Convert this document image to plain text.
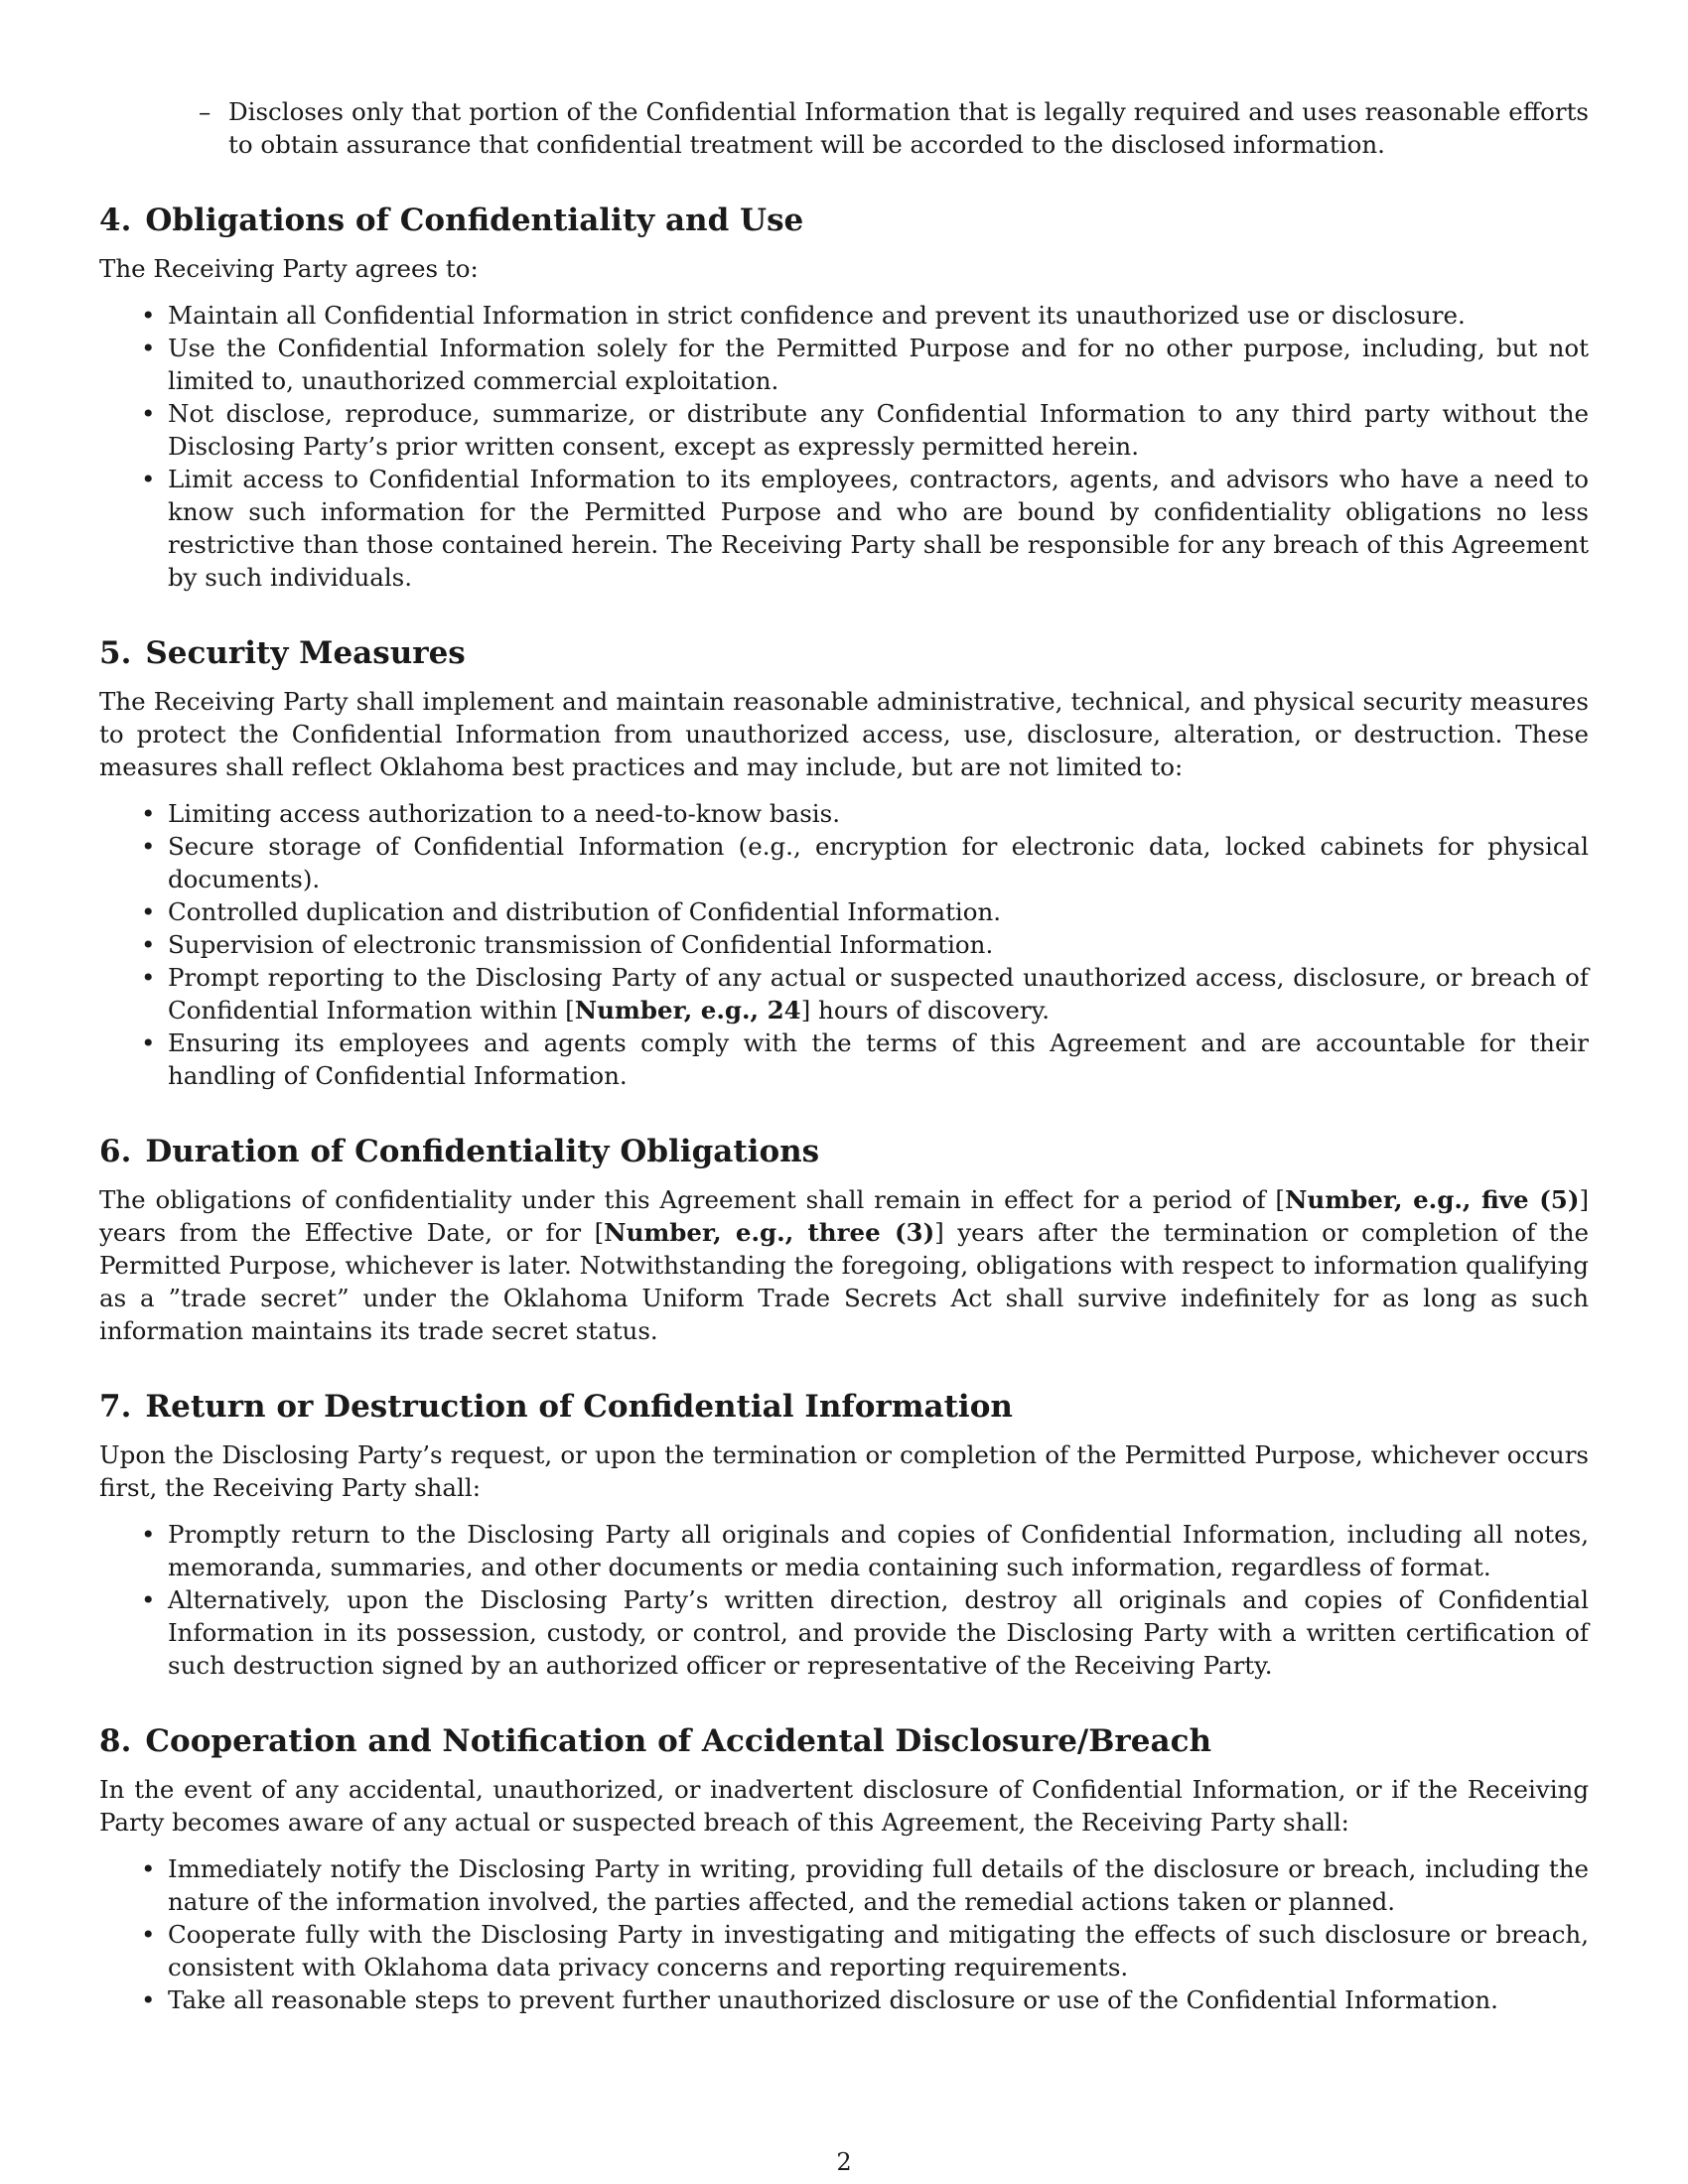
– Discloses only that portion of the Confidential Information that is legally required and uses reasonable efforts to obtain assurance that confidential treatment will be accorded to the disclosed information.
4. Obligations of Confidentiality and Use

The Receiving Party agrees to:

• Maintain all Confidential Information in strict confidence and prevent its unauthorized use or disclosure.
• Use the Confidential Information solely for the Permitted Purpose and for no other purpose, including, but not limited to, unauthorized commercial exploitation.
• Not disclose, reproduce, summarize, or distribute any Confidential Information to any third party without the Disclosing Party’s prior written consent, except as expressly permitted herein.
• Limit access to Confidential Information to its employees, contractors, agents, and advisors who have a need to know such information for the Permitted Purpose and who are bound by confidentiality obligations no less restrictive than those contained herein. The Receiving Party shall be responsible for any breach of this Agreement by such individuals.
5. Security Measures

The Receiving Party shall implement and maintain reasonable administrative, technical, and physical security measures to protect the Confidential Information from unauthorized access, use, disclosure, alteration, or destruction. These measures shall reflect Oklahoma best practices and may include, but are not limited to:

• Limiting access authorization to a need-to-know basis.
• Secure storage of Confidential Information (e.g., encryption for electronic data, locked cabinets for physical documents).
• Controlled duplication and distribution of Confidential Information.
• Supervision of electronic transmission of Confidential Information.
• Prompt reporting to the Disclosing Party of any actual or suspected unauthorized access, disclosure, or breach of Confidential Information within [Number, e.g., 24] hours of discovery.
• Ensuring its employees and agents comply with the terms of this Agreement and are accountable for their handling of Confidential Information.
6. Duration of Confidentiality Obligations

The obligations of confidentiality under this Agreement shall remain in effect for a period of [Number, e.g., five (5)] years from the Effective Date, or for [Number, e.g., three (3)] years after the termination or completion of the Permitted Purpose, whichever is later. Notwithstanding the foregoing, obligations with respect to information qualifying as a ”trade secret” under the Oklahoma Uniform Trade Secrets Act shall survive indefinitely for as long as such information maintains its trade secret status.

7. Return or Destruction of Confidential Information

Upon the Disclosing Party’s request, or upon the termination or completion of the Permitted Purpose, whichever occurs first, the Receiving Party shall:

• Promptly return to the Disclosing Party all originals and copies of Confidential Information, including all notes, memoranda, summaries, and other documents or media containing such information, regardless of format.
• Alternatively, upon the Disclosing Party’s written direction, destroy all originals and copies of Confidential Information in its possession, custody, or control, and provide the Disclosing Party with a written certification of such destruction signed by an authorized officer or representative of the Receiving Party.
8. Cooperation and Notification of Accidental Disclosure/Breach

In the event of any accidental, unauthorized, or inadvertent disclosure of Confidential Information, or if the Receiving Party becomes aware of any actual or suspected breach of this Agreement, the Receiving Party shall:

• Immediately notify the Disclosing Party in writing, providing full details of the disclosure or breach, including the nature of the information involved, the parties affected, and the remedial actions taken or planned.
• Cooperate fully with the Disclosing Party in investigating and mitigating the effects of such disclosure or breach, consistent with Oklahoma data privacy concerns and reporting requirements.
• Take all reasonable steps to prevent further unauthorized disclosure or use of the Confidential Information.
2
